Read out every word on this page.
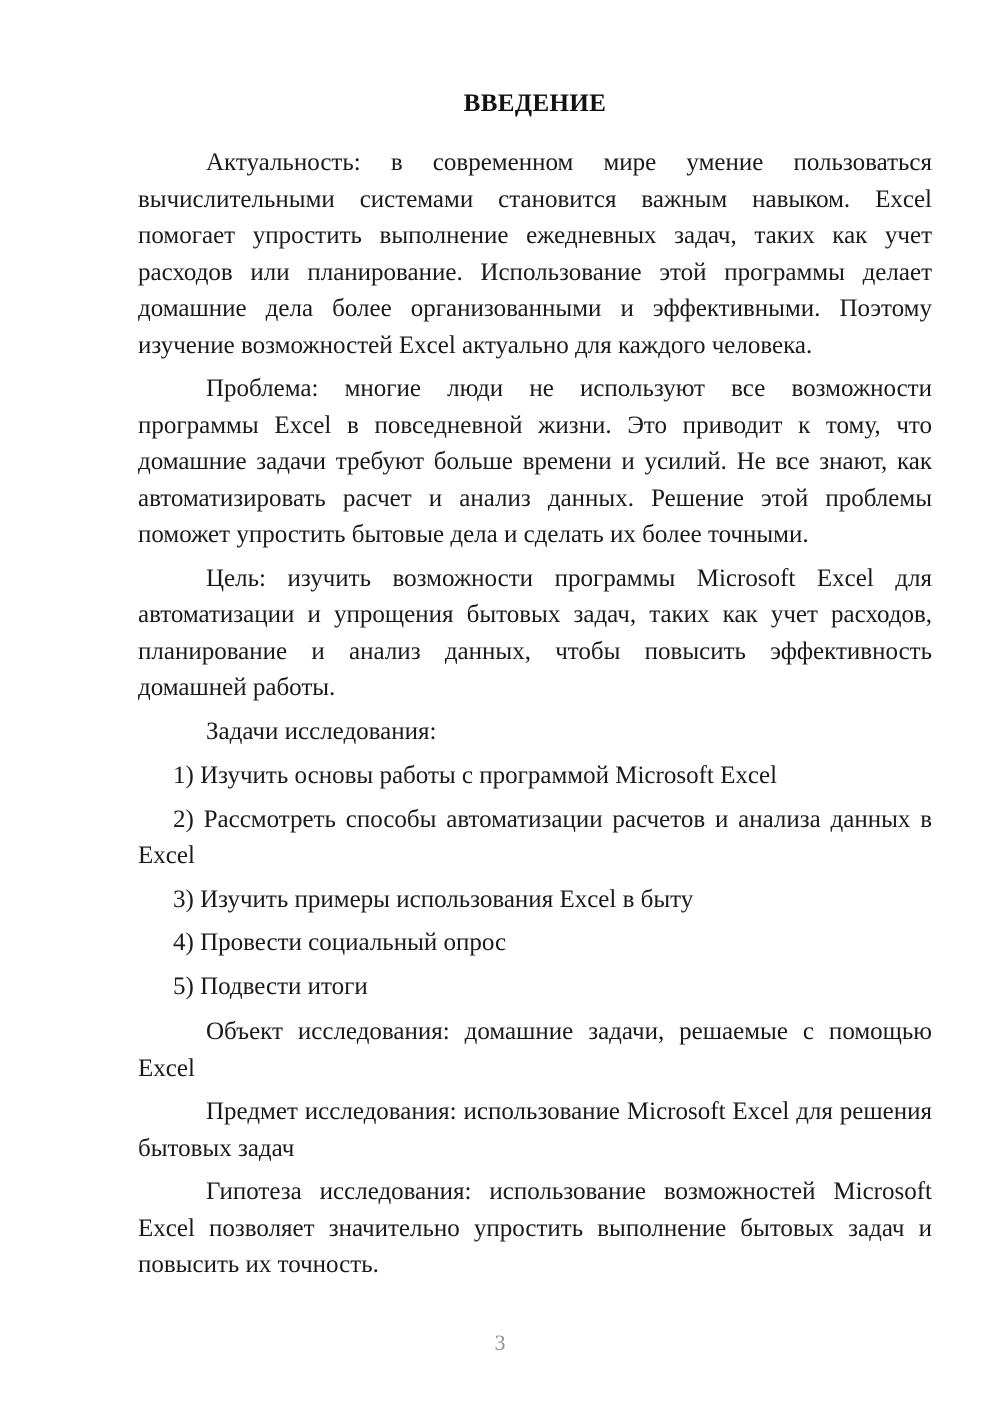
ВВЕДЕНИЕ

Актуальность: в современном мире умение пользоваться вычислительными системами становится важным навыком. Excel помогает упростить выполнение ежедневных задач, таких как учет расходов или планирование. Использование этой программы делает домашние дела более организованными и эффективными. Поэтому изучение возможностей Excel актуально для каждого человека.

Проблема: многие люди не используют все возможности программы Excel в повседневной жизни. Это приводит к тому, что домашние задачи требуют больше времени и усилий. Не все знают, как автоматизировать расчет и анализ данных. Решение этой проблемы поможет упростить бытовые дела и сделать их более точными.

Цель: изучить возможности программы Microsoft Excel для автоматизации и упрощения бытовых задач, таких как учет расходов, планирование и анализ данных, чтобы повысить эффективность домашней работы.

Задачи исследования:

1) Изучить основы работы с программой Microsoft Excel

2) Рассмотреть способы автоматизации расчетов и анализа данных в Excel

3) Изучить примеры использования Excel в быту

4) Провести социальный опрос

5) Подвести итоги

Объект исследования: домашние задачи, решаемые с помощью Excel

Предмет исследования: использование Microsoft Excel для решения бытовых задач

Гипотеза исследования: использование возможностей Microsoft Excel позволяет значительно упростить выполнение бытовых задач и повысить их точность.

3
